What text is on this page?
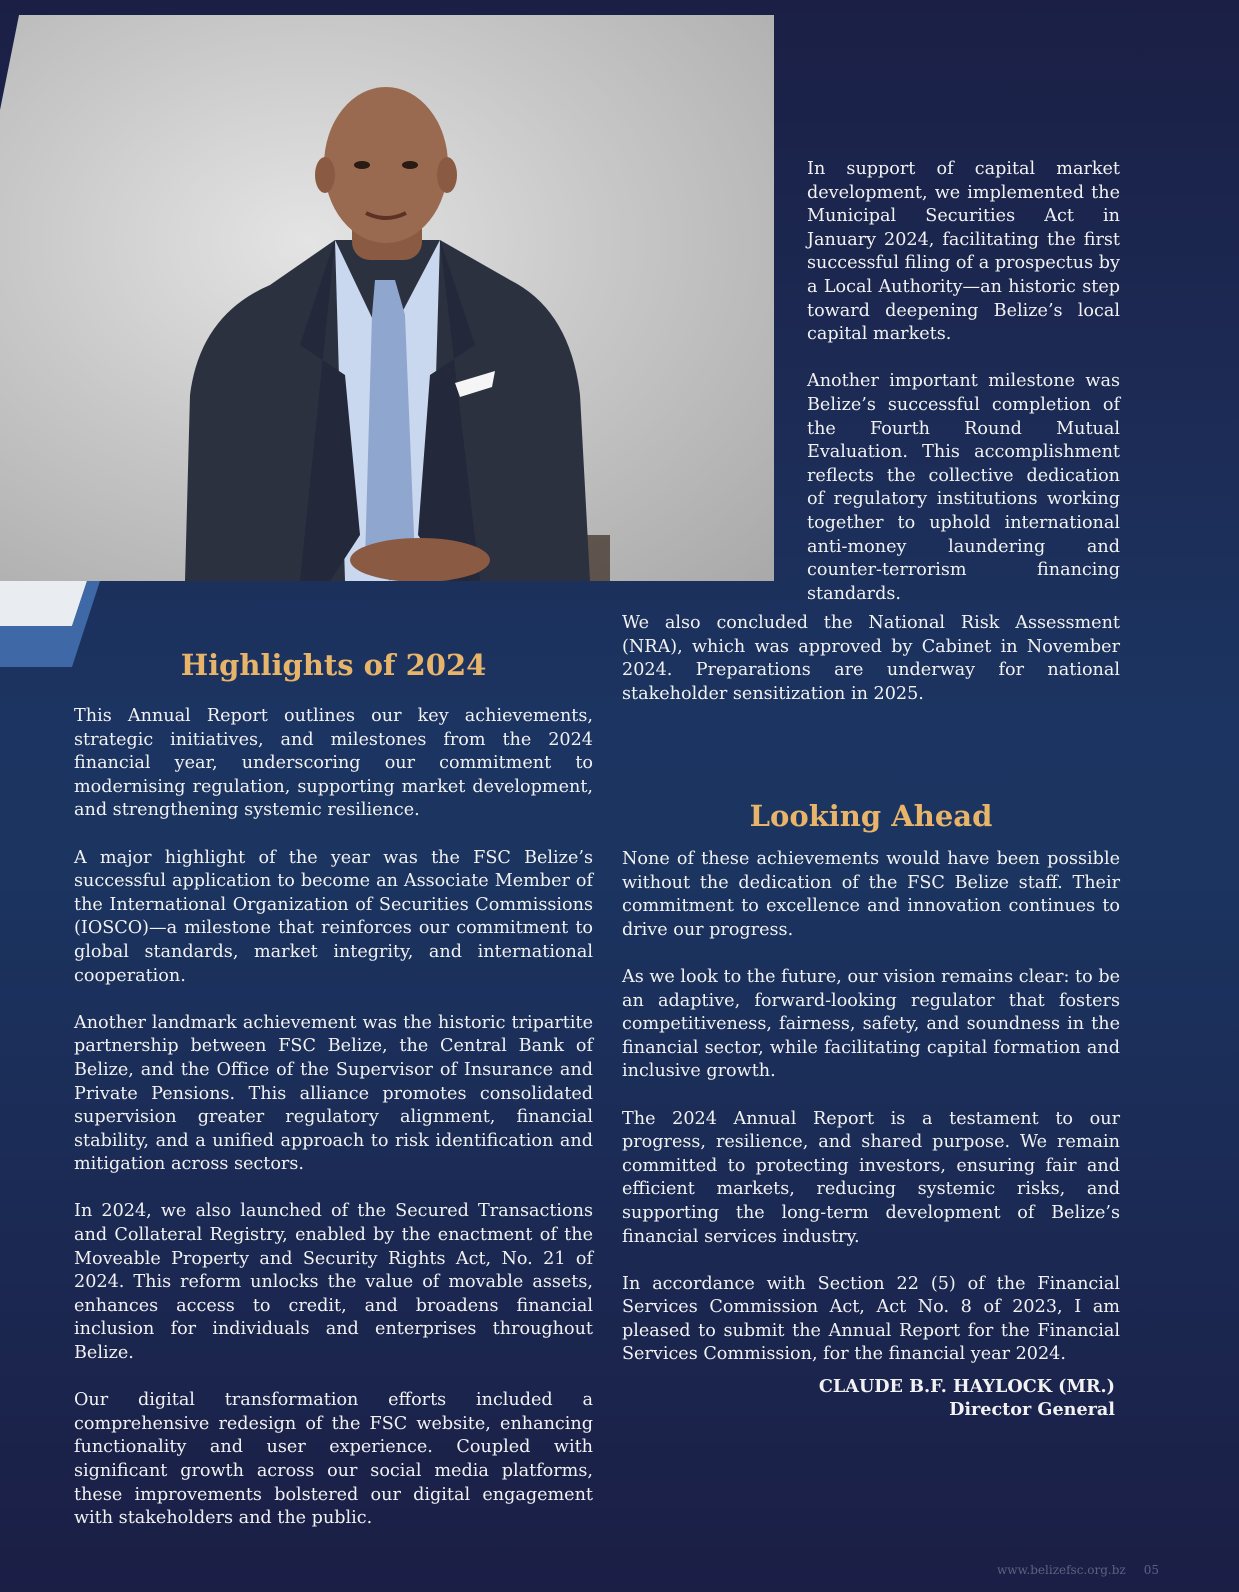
In support of capital market development, we implemented the Municipal Securities Act in January 2024, facilitating the first successful filing of a prospectus by a Local Authority—an historic step toward deepening Belize’s local capital markets.

Another important milestone was Belize’s successful completion of the Fourth Round Mutual Evaluation. This accomplishment reflects the collective dedication of regulatory institutions working together to uphold international anti-money laundering and counter-terrorism financing standards.

We also concluded the National Risk Assessment (NRA), which was approved by Cabinet in November 2024. Preparations are underway for national stakeholder sensitization in 2025.

Highlights of 2024

This Annual Report outlines our key achievements, strategic initiatives, and milestones from the 2024 financial year, underscoring our commitment to modernising regulation, supporting market development, and strengthening systemic resilience.

A major highlight of the year was the FSC Belize’s successful application to become an Associate Member of the International Organization of Securities Commissions (IOSCO)—a milestone that reinforces our commitment to global standards, market integrity, and international cooperation.

Another landmark achievement was the historic tripartite partnership between FSC Belize, the Central Bank of Belize, and the Office of the Supervisor of Insurance and Private Pensions. This alliance promotes consolidated supervision greater regulatory alignment, financial stability, and a unified approach to risk identification and mitigation across sectors.

In 2024, we also launched of the Secured Transactions and Collateral Registry, enabled by the enactment of the Moveable Property and Security Rights Act, No. 21 of 2024. This reform unlocks the value of movable assets, enhances access to credit, and broadens financial inclusion for individuals and enterprises throughout Belize.

Our digital transformation efforts included a comprehensive redesign of the FSC website, enhancing functionality and user experience. Coupled with significant growth across our social media platforms, these improvements bolstered our digital engagement with stakeholders and the public.

Looking Ahead

None of these achievements would have been possible without the dedication of the FSC Belize staff. Their commitment to excellence and innovation continues to drive our progress.

As we look to the future, our vision remains clear: to be an adaptive, forward-looking regulator that fosters competitiveness, fairness, safety, and soundness in the financial sector, while facilitating capital formation and inclusive growth.

The 2024 Annual Report is a testament to our progress, resilience, and shared purpose. We remain committed to protecting investors, ensuring fair and efficient markets, reducing systemic risks, and supporting the long-term development of Belize’s financial services industry.

In accordance with Section 22 (5) of the Financial Services Commission Act, Act No. 8 of 2023, I am pleased to submit the Annual Report for the Financial Services Commission, for the financial year 2024.

CLAUDE B.F. HAYLOCK (MR.)
Director General
www.belizefsc.org.bz 05
